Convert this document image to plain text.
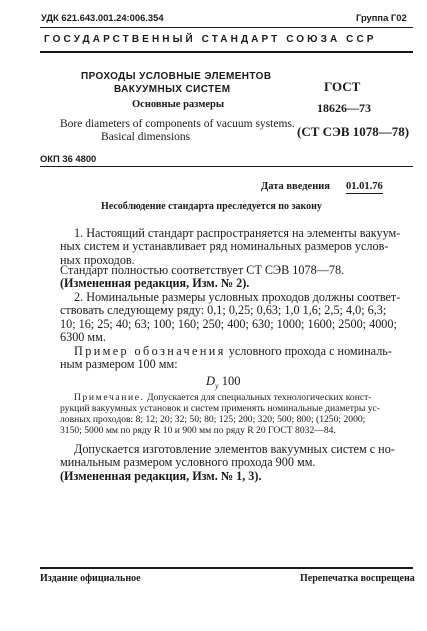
УДК 621.643.001.24:006.354	Группа Г02
ГОСУДАРСТВЕННЫЙ СТАНДАРТ СОЮЗА ССР
ПРОХОДЫ УСЛОВНЫЕ ЭЛЕМЕНТОВ
ВАКУУМНЫХ СИСТЕМ
Основные размеры
Bore diameters of components of vacuum systems.
Basical dimensions
ГОСТ
18626—73
(СТ СЭВ 1078—78)
ОКП 36 4800
Дата введения 01.01.76
Несоблюдение стандарта преследуется по закону
1. Настоящий стандарт распространяется на элементы вакуум-
ных систем и устанавливает ряд номинальных размеров услов-
ных проходов.
Стандарт полностью соответствует СТ СЭВ 1078—78.
(Измененная редакция, Изм. № 2).
2. Номинальные размеры условных проходов должны соответ-
ствовать следующему ряду: 0,1; 0,25; 0,63; 1,0 1,6; 2,5; 4,0; 6,3;
10; 16; 25; 40; 63; 100; 160; 250; 400; 630; 1000; 1600; 2500; 4000;
6300 мм.
Пример обозначения условного прохода с номиналь-
ным размером 100 мм:
$D_у$ 100
Примечание. Допускается для специальных технологических конст-
рукций вакуумных установок и систем применять номинальные диаметры ус-
ловных проходов: 8; 12; 20; 32; 50; 80; 125; 200; 320; 500; 800; (1250; 2000;
3150; 5000 мм по ряду R 10 и 900 мм по ряду R 20 ГОСТ 8032—84.
Допускается изготовление элементов вакуумных систем с но-
минальным размером условного прохода 900 мм.
(Измененная редакция, Изм. № 1, 3).
Издание официальное	Перепечатка воспрещена
